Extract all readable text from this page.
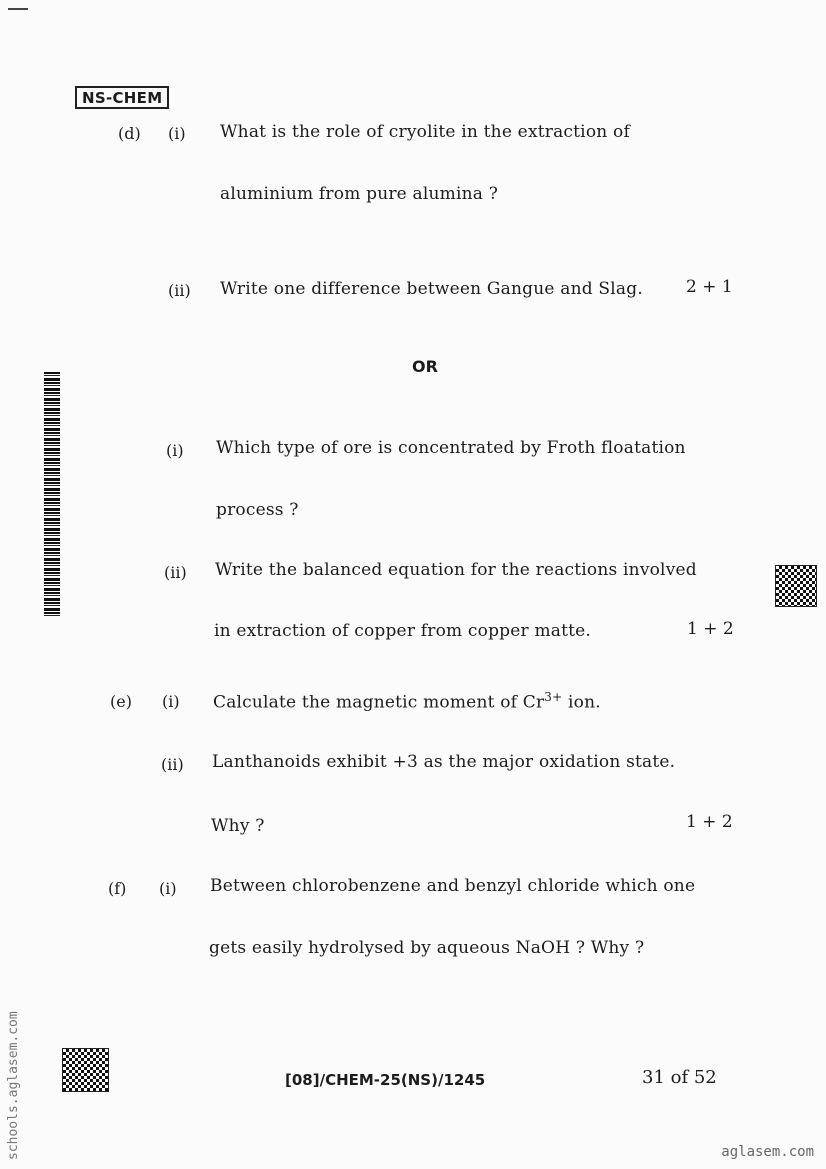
NS-CHEM
(d) (i) What is the role of cryolite in the extraction of
aluminium from pure alumina ?
(ii) Write one difference between Gangue and Slag.	2 + 1
OR
(i) Which type of ore is concentrated by Froth floatation
process ?
(ii) Write the balanced equation for the reactions involved
in extraction of copper from copper matte.	1 + 2
(e) (i) Calculate the magnetic moment of $Cr^{3+}$ ion.
(ii) Lanthanoids exhibit +3 as the major oxidation state.
Why ?	1 + 2
(f) (i) Between chlorobenzene and benzyl chloride which one
gets easily hydrolysed by aqueous NaOH ? Why ?
[08]/CHEM-25(NS)/1245	31 of 52
schools.aglasem.com	aglasem.com
